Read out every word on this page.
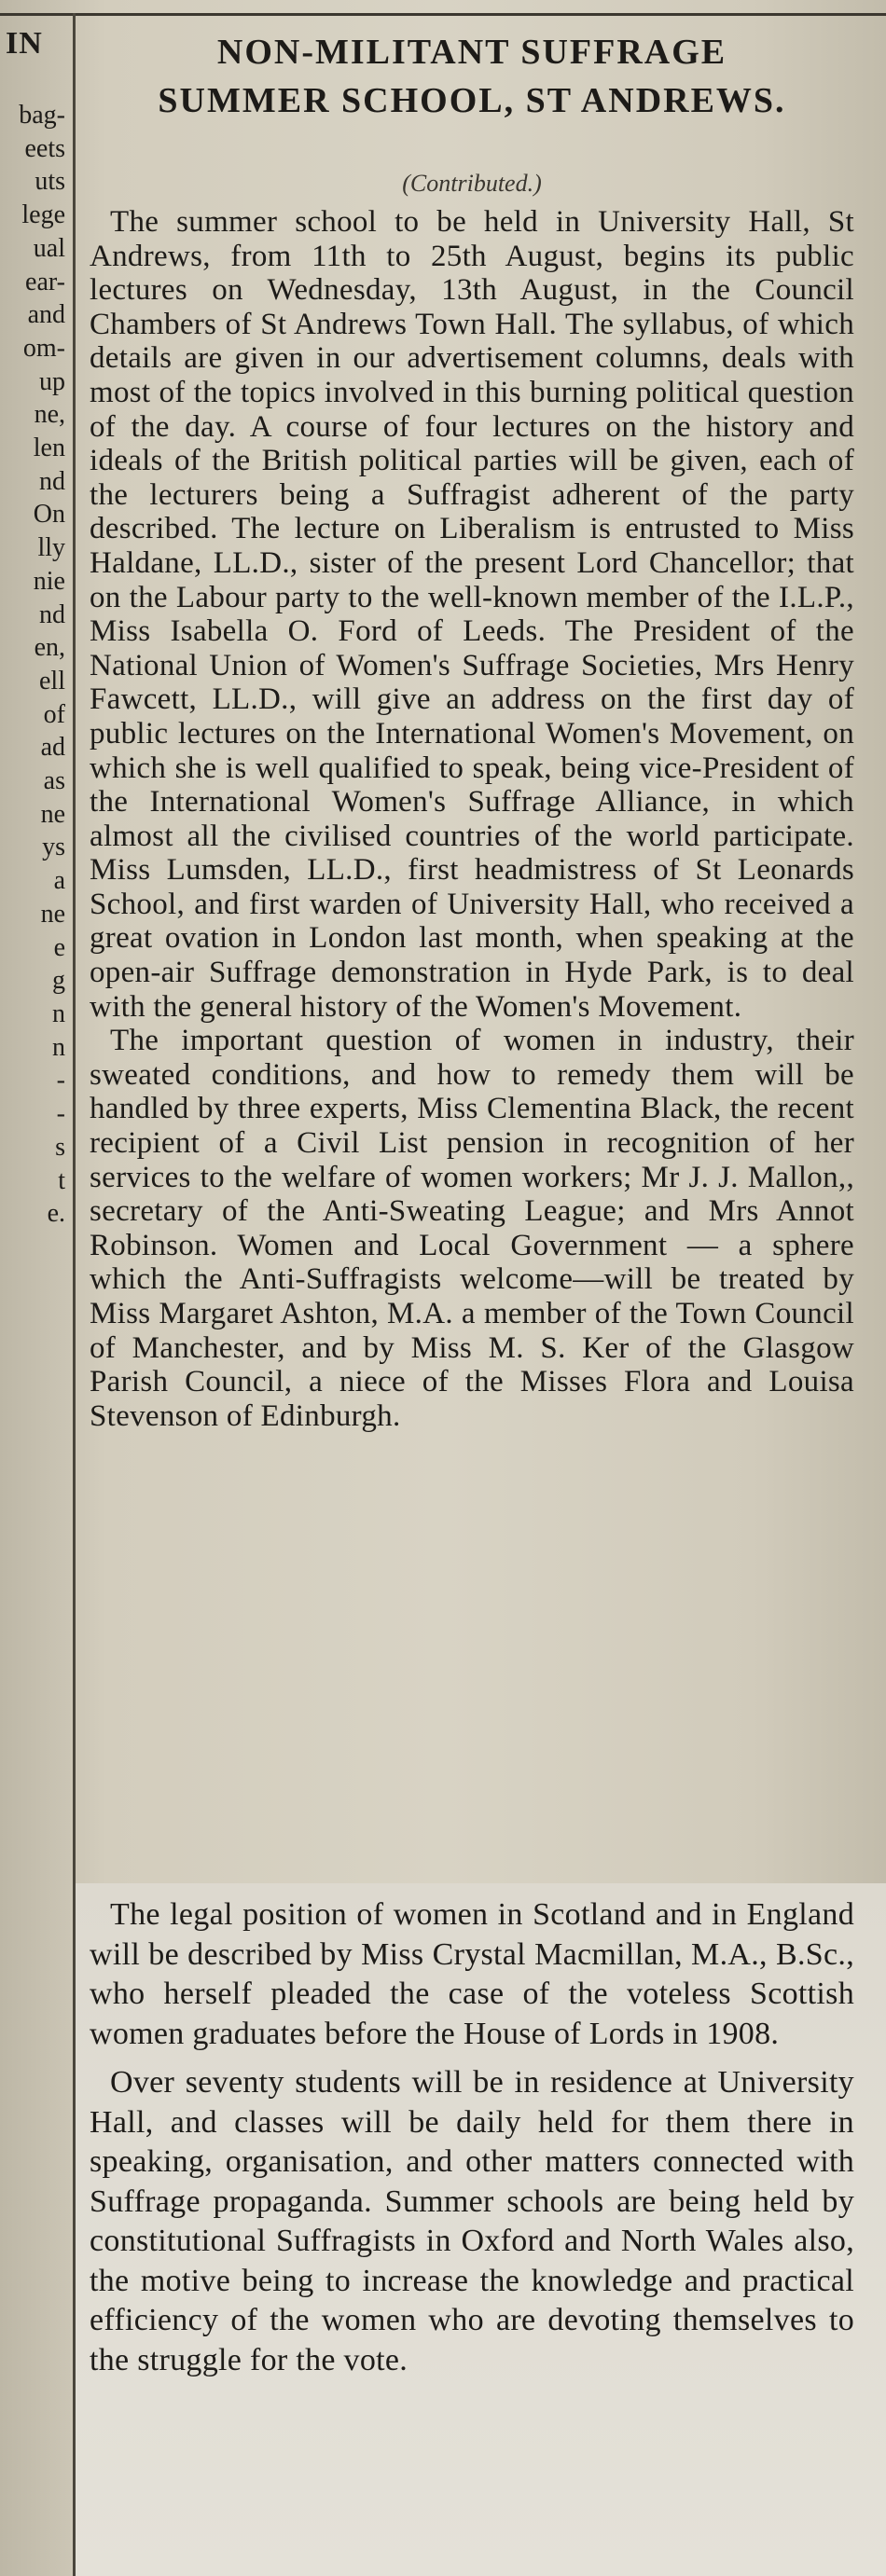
IN
bag-
eets
uts
lege
ual
ear-
and
om-
up
ne,
len
nd
On
lly
nie
nd
en,
ell
of
ad
as
ne
ys
a
ne
e
g
n
n
-
-
s
t
e.

NON-MILITANT SUFFRAGE

SUMMER SCHOOL, ST ANDREWS.

(Contributed.)

The summer school to be held in University Hall, St Andrews, from 11th to 25th August, begins its public lectures on Wednesday, 13th August, in the Council Chambers of St Andrews Town Hall. The syllabus, of which details are given in our advertisement columns, deals with most of the topics involved in this burning political question of the day. A course of four lectures on the history and ideals of the British political parties will be given, each of the lecturers being a Suffragist adherent of the party described. The lecture on Liberalism is entrusted to Miss Haldane, LL.D., sister of the present Lord Chancellor; that on the Labour party to the well-known member of the I.L.P., Miss Isabella O. Ford of Leeds. The President of the National Union of Women's Suffrage Societies, Mrs Henry Fawcett, LL.D., will give an address on the first day of public lectures on the International Women's Movement, on which she is well qualified to speak, being vice-President of the International Women's Suffrage Alliance, in which almost all the civilised countries of the world participate. Miss Lumsden, LL.D., first headmistress of St Leonards School, and first warden of University Hall, who received a great ovation in London last month, when speaking at the open-air Suffrage demonstration in Hyde Park, is to deal with the general history of the Women's Movement.

The important question of women in industry, their sweated conditions, and how to remedy them will be handled by three experts, Miss Clementina Black, the recent recipient of a Civil List pension in recognition of her services to the welfare of women workers; Mr J. J. Mallon,, secretary of the Anti-Sweating League; and Mrs Annot Robinson. Women and Local Government — a sphere which the Anti-Suffragists welcome—will be treated by Miss Margaret Ashton, M.A. a member of the Town Council of Manchester, and by Miss M. S. Ker of the Glasgow Parish Council, a niece of the Misses Flora and Louisa Stevenson of Edinburgh.

The legal position of women in Scotland and in England will be described by Miss Crystal Macmillan, M.A., B.Sc., who herself pleaded the case of the voteless Scottish women graduates before the House of Lords in 1908.

Over seventy students will be in residence at University Hall, and classes will be daily held for them there in speaking, organisation, and other matters connected with Suffrage propaganda. Summer schools are being held by constitutional Suffragists in Oxford and North Wales also, the motive being to increase the knowledge and practical efficiency of the women who are devoting themselves to the struggle for the vote.
